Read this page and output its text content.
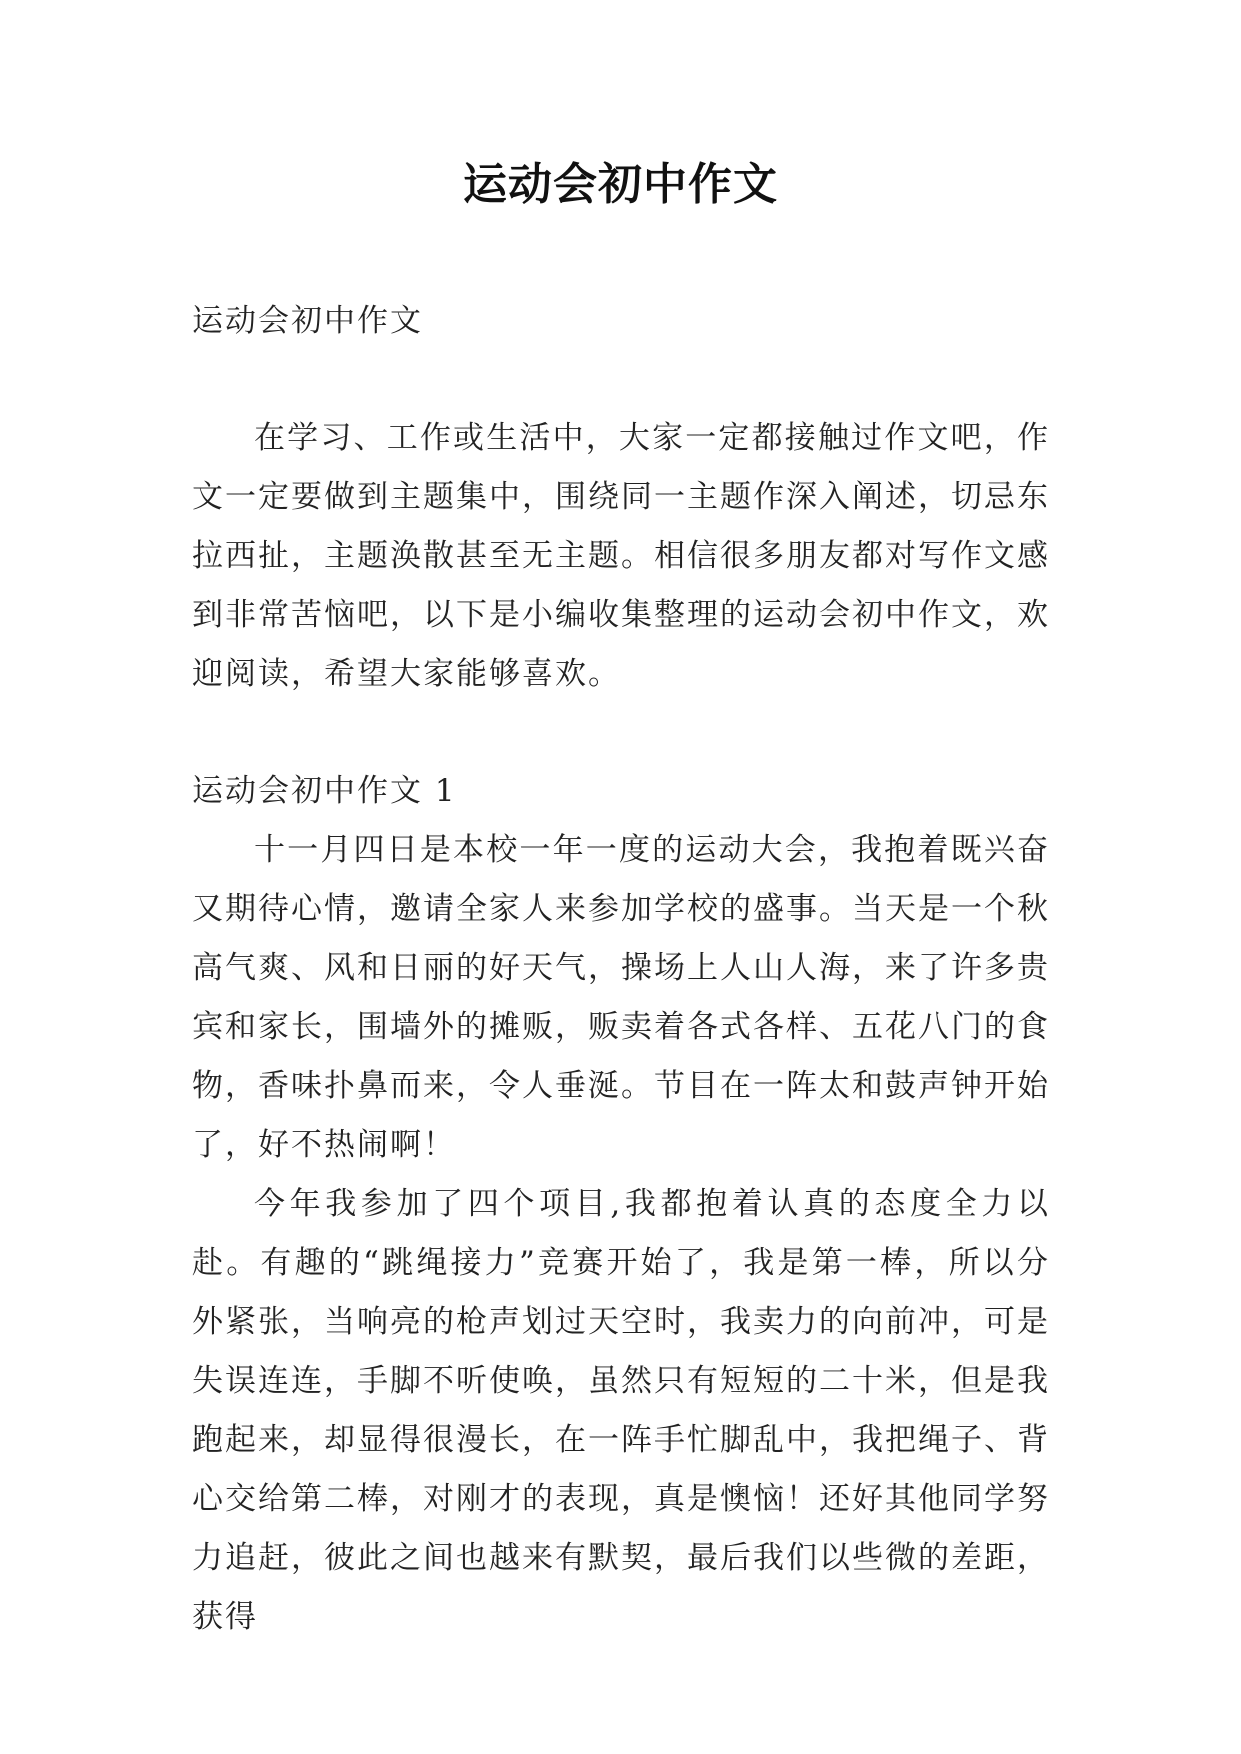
运动会初中作文

运动会初中作文

在学习、工作或生活中，大家一定都接触过作文吧，作文一定要做到主题集中，围绕同一主题作深入阐述，切忌东拉西扯，主题涣散甚至无主题。相信很多朋友都对写作文感到非常苦恼吧，以下是小编收集整理的运动会初中作文，欢迎阅读，希望大家能够喜欢。

运动会初中作文 1

十一月四日是本校一年一度的运动大会，我抱着既兴奋又期待心情，邀请全家人来参加学校的盛事。当天是一个秋高气爽、风和日丽的好天气，操场上人山人海，来了许多贵宾和家长，围墙外的摊贩，贩卖着各式各样、五花八门的食物，香味扑鼻而来，令人垂涎。节目在一阵太和鼓声钟开始了，好不热闹啊！

今年我参加了四个项目,我都抱着认真的态度全力以赴。有趣的“跳绳接力”竞赛开始了，我是第一棒，所以分外紧张，当响亮的枪声划过天空时，我卖力的向前冲，可是失误连连，手脚不听使唤，虽然只有短短的二十米，但是我跑起来，却显得很漫长，在一阵手忙脚乱中，我把绳子、背心交给第二棒，对刚才的表现，真是懊恼！还好其他同学努力追赶，彼此之间也越来有默契，最后我们以些微的差距，获得
